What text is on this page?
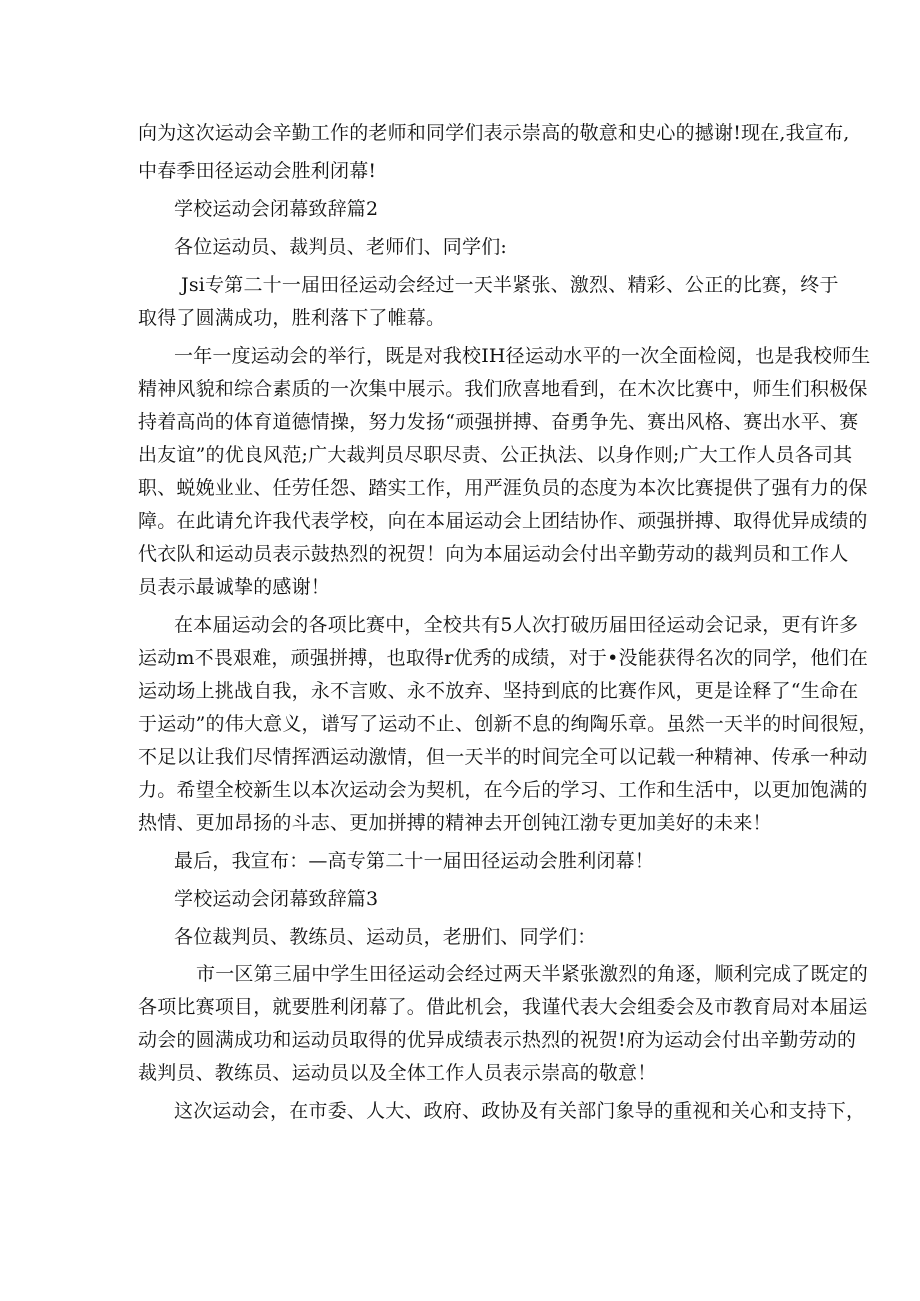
向为这次运动会辛勤工作的老师和同学们表示崇高的敬意和史心的撼谢!现在,我宣布,
中春季田径运动会胜利闭幕!
学校运动会闭幕致辞篇2
各位运动员、裁判员、老师们、同学们:
Jsi专第二十一届田径运动会经过一天半紧张、激烈、精彩、公正的比赛，终于
取得了圆满成功，胜利落下了帷幕。
一年一度运动会的举行，既是对我校IH径运动水平的一次全面检阅，也是我校师生
精神风貌和综合素质的一次集中展示。我们欣喜地看到，在木次比赛中，师生们积极保
持着高尚的体育道德情操，努力发扬“顽强拼搏、奋勇争先、赛出风格、赛出水平、赛
出友谊”的优良风范;广大裁判员尽职尽责、公正执法、以身作则;广大工作人员各司其
职、蜕娩业业、任劳任怨、踏实工作，用严涯负员的态度为本次比赛提供了强有力的保
障。在此请允许我代表学校，向在本届运动会上团结协作、顽强拼搏、取得优异成绩的
代衣队和运动员表示鼓热烈的祝贺！向为本届运动会付出辛勤劳动的裁判员和工作人
员表示最诚挚的感谢！
在本届运动会的各项比赛中，全校共有5人次打破历届田径运动会记录，更有许多
运动m不畏艰难，顽强拼搏，也取得r优秀的成绩，对于•没能获得名次的同学，他们在
运动场上挑战自我，永不言败、永不放弃、坚持到底的比赛作风，更是诠释了“生命在
于运动”的伟大意义，谱写了运动不止、创新不息的绚陶乐章。虽然一天半的时间很短，
不足以让我们尽情挥洒运动激情，但一天半的时间完全可以记载一种精神、传承一种动
力。希望全校新生以本次运动会为契机，在今后的学习、工作和生活中，以更加饱满的
热情、更加昂扬的斗志、更加拼搏的精神去开创钝江渤专更加美好的未来！
最后，我宣布：—高专第二十一届田径运动会胜利闭幕！
学校运动会闭幕致辞篇3
各位裁判员、教练员、运动员，老册们、同学们：
市一区第三届中学生田径运动会经过两天半紧张激烈的角逐，顺利完成了既定的
各项比赛项目，就要胜利闭幕了。借此机会，我谨代表大会组委会及市教育局对本届运
动会的圆满成功和运动员取得的优异成绩表示热烈的祝贺!府为运动会付出辛勤劳动的
裁判员、教练员、运动员以及全体工作人员表示崇高的敬意！
这次运动会，在市委、人大、政府、政协及有关部门象导的重视和关心和支持下，
